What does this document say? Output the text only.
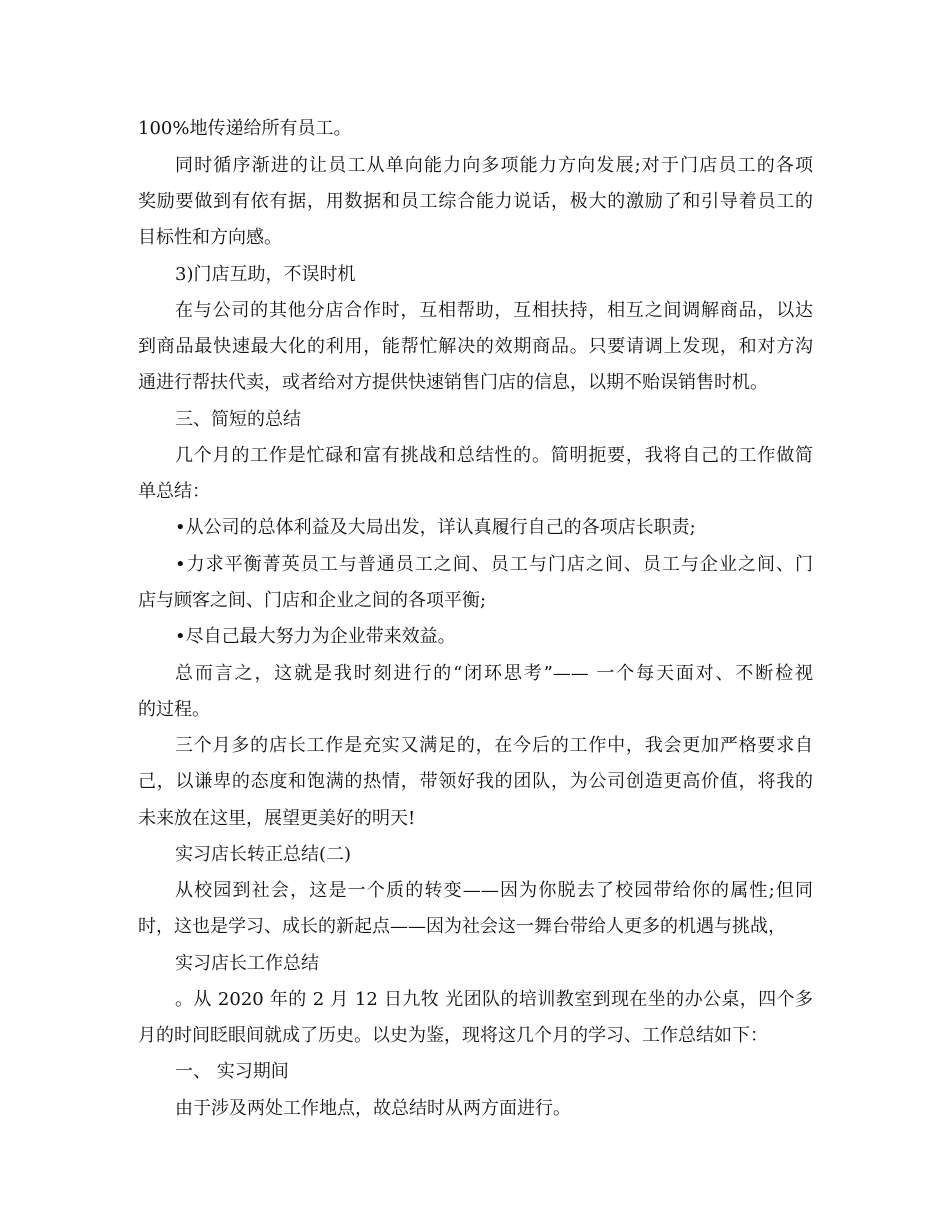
100%地传递给所有员工。
同时循序渐进的让员工从单向能力向多项能力方向发展;对于门店员工的各项
奖励要做到有依有据，用数据和员工综合能力说话，极大的激励了和引导着员工的
目标性和方向感。
3)门店互助，不误时机
在与公司的其他分店合作时，互相帮助，互相扶持，相互之间调解商品，以达
到商品最快速最大化的利用，能帮忙解决的效期商品。只要请调上发现，和对方沟
通进行帮扶代卖，或者给对方提供快速销售门店的信息，以期不贻误销售时机。
三、简短的总结
几个月的工作是忙碌和富有挑战和总结性的。简明扼要，我将自己的工作做简
单总结：
•从公司的总体利益及大局出发，详认真履行自己的各项店长职责;
•力求平衡菁英员工与普通员工之间、员工与门店之间、员工与企业之间、门
店与顾客之间、门店和企业之间的各项平衡;
•尽自己最大努力为企业带来效益。
总而言之，这就是我时刻进行的“闭环思考”—— 一个每天面对、不断检视
的过程。
三个月多的店长工作是充实又满足的，在今后的工作中，我会更加严格要求自
己，以谦卑的态度和饱满的热情，带领好我的团队，为公司创造更高价值，将我的
未来放在这里，展望更美好的明天!
实习店长转正总结(二)
从校园到社会，这是一个质的转变——因为你脱去了校园带给你的属性;但同
时，这也是学习、成长的新起点——因为社会这一舞台带给人更多的机遇与挑战，
实习店长工作总结
。从 2020 年的 2 月 12 日九牧 光团队的培训教室到现在坐的办公桌，四个多
月的时间眨眼间就成了历史。以史为鉴，现将这几个月的学习、工作总结如下：
一、 实习期间
由于涉及两处工作地点，故总结时从两方面进行。
